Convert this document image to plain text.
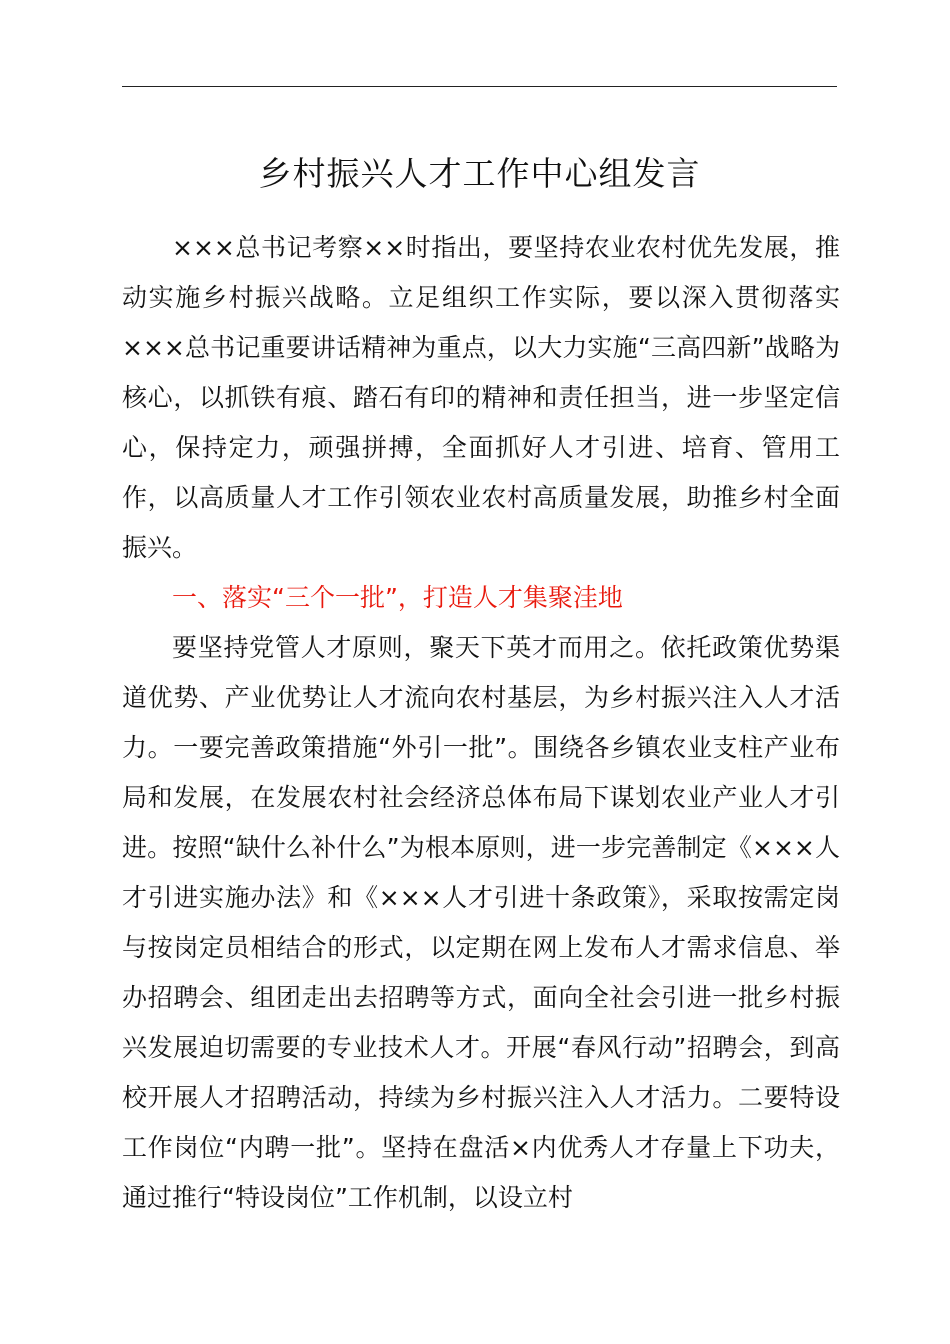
乡村振兴人才工作中心组发言

×××总书记考察××时指出，要坚持农业农村优先发展，推动实施乡村振兴战略。立足组织工作实际，要以深入贯彻落实×××总书记重要讲话精神为重点，以大力实施“三高四新”战略为核心，以抓铁有痕、踏石有印的精神和责任担当，进一步坚定信心，保持定力，顽强拼搏，全面抓好人才引进、培育、管用工作，以高质量人才工作引领农业农村高质量发展，助推乡村全面振兴。

一、落实“三个一批”，打造人才集聚洼地

要坚持党管人才原则，聚天下英才而用之。依托政策优势渠道优势、产业优势让人才流向农村基层，为乡村振兴注入人才活力。一要完善政策措施“外引一批”。围绕各乡镇农业支柱产业布局和发展，在发展农村社会经济总体布局下谋划农业产业人才引进。按照“缺什么补什么”为根本原则，进一步完善制定《×××人才引进实施办法》和《×××人才引进十条政策》，采取按需定岗与按岗定员相结合的形式，以定期在网上发布人才需求信息、举办招聘会、组团走出去招聘等方式，面向全社会引进一批乡村振兴发展迫切需要的专业技术人才。开展“春风行动”招聘会，到高校开展人才招聘活动，持续为乡村振兴注入人才活力。二要特设工作岗位“内聘一批”。坚持在盘活×内优秀人才存量上下功夫，通过推行“特设岗位”工作机制，以设立村
